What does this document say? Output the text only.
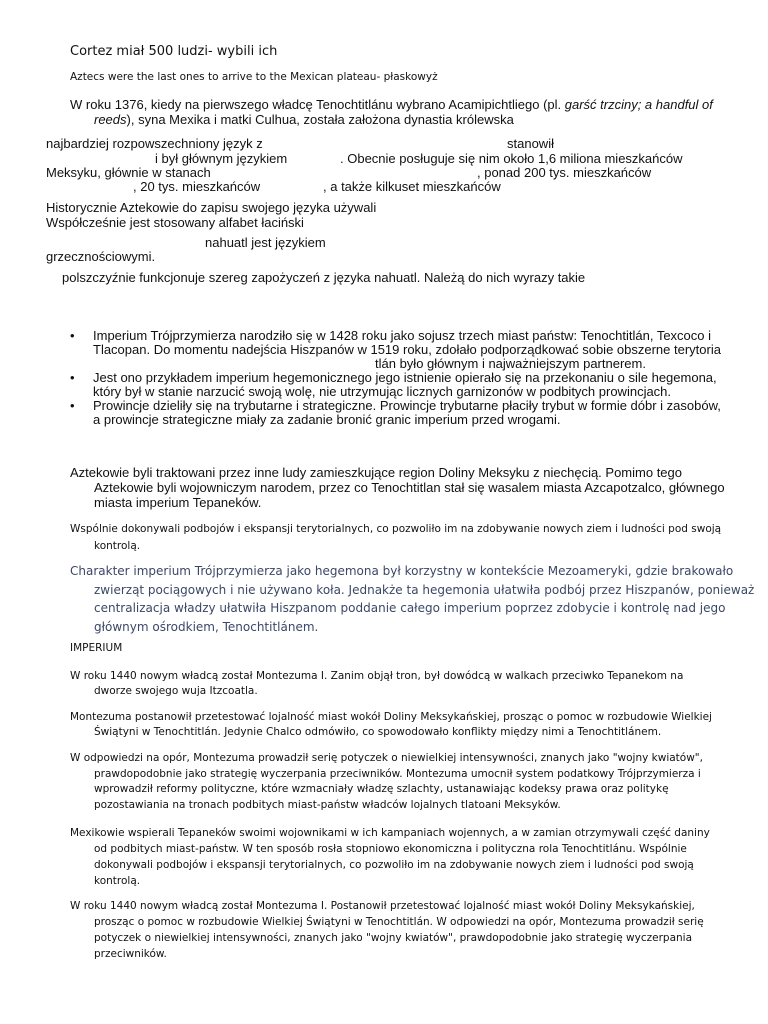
Cortez miał 500 ludzi- wybili ich
Aztecs were the last ones to arrive to the Mexican plateau- płaskowyż
W roku 1376, kiedy na pierwszego władcę Tenochtitlánu wybrano Acamipichtliego (pl. garść trzciny; a handful of
reeds), syna Mexika i matki Culhua, została założona dynastia królewska
najbardziej rozpowszechniony język z	stanowił
i był głównym językiem	. Obecnie posługuje się nim około 1,6 miliona mieszkańców
Meksyku, głównie w stanach	, ponad 200 tys. mieszkańców
, 20 tys. mieszkańców	, a także kilkuset mieszkańców
Historycznie Aztekowie do zapisu swojego języka używali
Współcześnie jest stosowany alfabet łaciński
nahuatl jest językiem
grzecznościowymi.
polszczyźnie funkcjonuje szereg zapożyczeń z języka nahuatl. Należą do nich wyrazy takie
• Imperium Trójprzymierza narodziło się w 1428 roku jako sojusz trzech miast państw: Tenochtitlán, Texcoco i
Tlacopan. Do momentu nadejścia Hiszpanów w 1519 roku, zdołało podporządkować sobie obszerne terytoria
tlán było głównym i najważniejszym partnerem.
• Jest ono przykładem imperium hegemonicznego jego istnienie opierało się na przekonaniu o sile hegemona,
który był w stanie narzucić swoją wolę, nie utrzymując licznych garnizonów w podbitych prowincjach.
• Prowincje dzieliły się na trybutarne i strategiczne. Prowincje trybutarne płaciły trybut w formie dóbr i zasobów,
a prowincje strategiczne miały za zadanie bronić granic imperium przed wrogami.
Aztekowie byli traktowani przez inne ludy zamieszkujące region Doliny Meksyku z niechęcią. Pomimo tego
Aztekowie byli wojowniczym narodem, przez co Tenochtitlan stał się wasalem miasta Azcapotzalco, głównego
miasta imperium Tepaneków.
Wspólnie dokonywali podbojów i ekspansji terytorialnych, co pozwoliło im na zdobywanie nowych ziem i ludności pod swoją
kontrolą.
Charakter imperium Trójprzymierza jako hegemona był korzystny w kontekście Mezoameryki, gdzie brakowało
zwierząt pociągowych i nie używano koła. Jednakże ta hegemonia ułatwiła podbój przez Hiszpanów, ponieważ
centralizacja władzy ułatwiła Hiszpanom poddanie całego imperium poprzez zdobycie i kontrolę nad jego
głównym ośrodkiem, Tenochtitlánem.
IMPERIUM
W roku 1440 nowym władcą został Montezuma I. Zanim objął tron, był dowódcą w walkach przeciwko Tepanekom na
dworze swojego wuja Itzcoatla.
Montezuma postanowił przetestować lojalność miast wokół Doliny Meksykańskiej, prosząc o pomoc w rozbudowie Wielkiej
Świątyni w Tenochtitlán. Jedynie Chalco odmówiło, co spowodowało konflikty między nimi a Tenochtitlánem.
W odpowiedzi na opór, Montezuma prowadził serię potyczek o niewielkiej intensywności, znanych jako "wojny kwiatów",
prawdopodobnie jako strategię wyczerpania przeciwników. Montezuma umocnił system podatkowy Trójprzymierza i
wprowadził reformy polityczne, które wzmacniały władzę szlachty, ustanawiając kodeksy prawa oraz politykę
pozostawiania na tronach podbitych miast-państw władców lojalnych tlatoani Meksyków.
Mexikowie wspierali Tepaneków swoimi wojownikami w ich kampaniach wojennych, a w zamian otrzymywali część daniny
od podbitych miast-państw. W ten sposób rosła stopniowo ekonomiczna i polityczna rola Tenochtitlánu. Wspólnie
dokonywali podbojów i ekspansji terytorialnych, co pozwoliło im na zdobywanie nowych ziem i ludności pod swoją
kontrolą.
W roku 1440 nowym władcą został Montezuma I. Postanowił przetestować lojalność miast wokół Doliny Meksykańskiej,
prosząc o pomoc w rozbudowie Wielkiej Świątyni w Tenochtitlán. W odpowiedzi na opór, Montezuma prowadził serię
potyczek o niewielkiej intensywności, znanych jako "wojny kwiatów", prawdopodobnie jako strategię wyczerpania
przeciwników.
